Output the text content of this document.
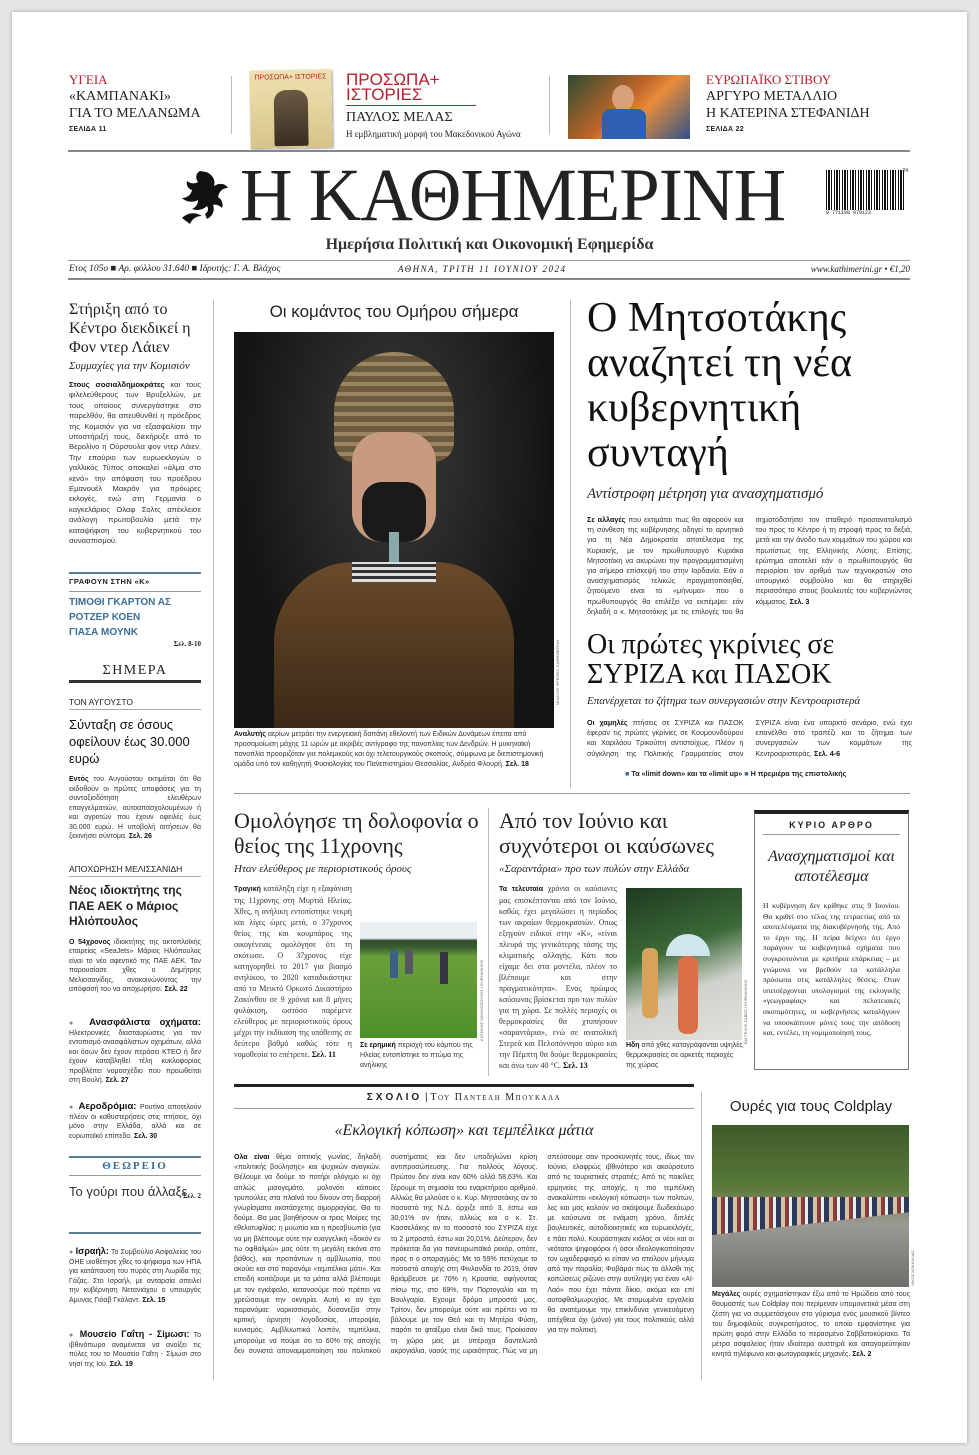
ΥΓΕΙΑ
«ΚΑΜΠΑΝΑΚΙ»
ΓΙΑ ΤΟ ΜΕΛΑΝΩΜΑ
ΣΕΛΙΔΑ 11
ΠΡΟΣΩΠΑ+ ΙΣΤΟΡΙΕΣ ΠΡΟΣΩΠΑ+ ΙΣΤΟΡΙΕΣ
ΠΑΥΛΟΣ ΜΕΛΑΣ
Η εμβληματική μορφή του Μακεδονικού Αγώνα
ΕΥΡΩΠΑΪΚΟ ΣΤΙΒΟΥ
ΑΡΓΥΡΟ ΜΕΤΑΛΛΙΟ
Η ΚΑΤΕΡΙΝΑ ΣΤΕΦΑΝΙΔΗ
ΣΕΛΙΔΑ 22
Η ΚΑΘΗΜΕΡΙΝΗ	9 771108 979123
24
Ημερήσια Πολιτική και Οικονομική Εφημερίδα
Ετος 105ο ■ Αρ. φύλλου 31.640 ■ Ιδρυτής: Γ. Α. Βλάχος	ΑΘΗΝΑ, ΤΡΙΤΗ 11 ΙΟΥΝΙΟΥ 2024	www.kathimerini.gr • €1,20
Στήριξη από το Κέντρο διεκδικεί η Φον ντερ Λάιεν
Συμμαχίες για την Κομισιόν
Στους σοσιαλδημοκράτες και τους φιλελεύθερους των Βρυξελλών, με τους οποίους συνεργάστηκε στο παρελθόν, θα απευθυνθεί η πρόεδρος της Κομισιόν για να εξασφαλίσει την υποστήριξή τους, διεκήρυξε από το Βερολίνο η Ούρσουλα φον ντερ Λάιεν. Την επαύριο των ευρωεκλογών ο γαλλικός Τύπος αποκαλεί «άλμα στο κενό» την απόφαση του προέδρου Εμανουέλ Μακρόν για πρόωρες εκλογές, ενώ στη Γερμανία ο καγκελάριος Ολαφ Σολτς απέκλεισε ανάλογη πρωτοβουλία μετά την καταψήφιση του κυβερνητικού του συνασπισμού.
ΓΡΑΦΟΥΝ ΣΤΗΝ «Κ»
ΤΙΜΟΘΙ ΓΚΑΡΤΟΝ ΑΣ
ΡΟΤΖΕΡ ΚΟΕΝ
ΓΙΑΣΑ ΜΟΥΝΚ
Σελ. 8-10
ΣΗΜΕΡΑ
ΤΟΝ ΑΥΓΟΥΣΤΟ
Σύνταξη σε όσους οφείλουν έως 30.000 ευρώ
Εντός του Αυγούστου εκτιμάται ότι θα εκδοθούν οι πρώτες αποφάσεις για τη συνταξιοδότηση ελευθέρων επαγγελματιών, αυτοαπασχολουμένων ή και αγροτών που έχουν οφειλές έως 30.000 ευρώ. Η υποβολή αιτήσεων θα ξεκινήσει σύντομα. Σελ. 26
ΑΠΟΧΩΡΗΣΗ ΜΕΛΙΣΣΑΝΙΔΗ
Νέος ιδιοκτήτης της ΠΑΕ ΑΕΚ ο Μάριος Ηλιόπουλος
Ο 54χρονος ιδιοκτήτης της ακτοπλοϊκής εταιρείας «SeaJets» Μάριος Ηλιόπουλος είναι το νέο αφεντικό της ΠΑΕ ΑΕΚ. Τον παρουσίασε χθες ο Δημήτρης Μελισσανίδης, ανακοινώνοντας την απόφασή του να αποχωρήσει. Σελ. 22
● Ανασφάλιστα οχήματα: Ηλεκτρονικές διασταυρώσεις για τον εντοπισμό ανασφάλιστων οχημάτων, αλλά και όσων δεν έχουν περάσει ΚΤΕΟ ή δεν έχουν καταβληθεί τέλη κυκλοφορίας προβλέπει νομοσχέδιο που προωθείται στη Βουλή. Σελ. 27
● Αεροδρόμια: Ρουτίνα αποτελούν πλέον οι καθυστερήσεις στις πτήσεις, όχι μόνο στην Ελλάδα, αλλά και σε ευρωπαϊκό επίπεδο. Σελ. 30
ΘΕΩΡΕΙΟ
Το γούρι που άλλαξε
Σελ. 2
● Ισραήλ: Το Συμβούλιο Ασφαλείας του ΟΗΕ υιοθέτησε χθες το ψήφισμα των ΗΠΑ για κατάπαυση του πυρός στη Λωρίδα της Γάζας. Στο Ισραήλ, με ανταρσία απειλεί την κυβέρνηση Νετανιάχου ο υπουργός Αμυνας Γιόαβ Γκάλαντ. Σελ. 15
● Μουσείο Γαΐτη - Σίμωσι: Το ιβθινόπωρο αναμένεται να ανοίξει τις πύλες του το Μουσείο Γαΐτη - Σίμωσι στο νησί της Ιου. Σελ. 19
Οι κομάντος του Ομήρου σήμερα
ΜΙΧΑΛΗΣ ΦΡΕΙΡΑΣ, ΚΑΘΗΜΕΡΙΝΗ
Αναλυτής αερίων μετράει την ενεργειακή δαπάνη εθελοντή των Ειδικών Δυνάμεων έπειτα από προσομοίωση μάχης 11 ωρών με ακριβές αντίγραφο της πανοπλίας των Δενδρών. Η μυκηναϊκή πανοπλία προοριζόταν για πολεμικούς και όχι τελετουργικούς σκοπούς, σύμφωνα με διεπιστημονική ομάδα υπό τον καθηγητή Φυσιολογίας του Πανεπιστημίου Θεσσαλίας, Ανδρέα Φλουρή. Σελ. 18
Ο Μητσοτάκης αναζητεί τη νέα κυβερνητική συνταγή
Αντίστροφη μέτρηση για ανασχηματισμό
Σε αλλαγές που εκτιμάται πως θα αφορούν και τη σύνθεση της κυβέρνησης οδηγεί το αρνητικό για τη Νέα Δημοκρατία αποτέλεσμα της Κυριακής, με τον πρωθυπουργό Κυριάκο Μητσοτάκη να ακυρώνει την προγραμματισμένη για σήμερα επίσκεψή του στην Ιορδανία. Εάν ο ανασχηματισμός τελικώς πραγματοποιηθεί, ζητούμενο είναι το «μήνυμα» που ο πρωθυπουργός θα επιλέξει να εκπέμψει: εάν δηλαδή ο κ. Μητσοτάκης με τις επιλογές του θα σηματοδοτήσει τον σταθερό προσανατολισμό του προς το Κέντρο ή τη στροφή προς τα δεξιά, μετά και την άνοδο των κομμάτων του χώρου και πρωτίστως της Ελληνικής Λύσης. Επίσης, ερώτημα αποτελεί εάν ο πρωθυπουργός θα περιορίσει τον αριθμό των τεχνοκρατών στο υπουργικό συμβούλιο και θα στηριχθεί περισσότερο στους βουλευτές του κυβερνώντος κόμματος. Σελ. 3
Οι πρώτες γκρίνιες σε ΣΥΡΙΖΑ και ΠΑΣΟΚ
Επανέρχεται το ζήτημα των συνεργασιών στην Κεντροαριστερά
Οι χαμηλές πτήσεις σε ΣΥΡΙΖΑ και ΠΑΣΟΚ έφεραν τις πρώτες γκρίνιες σε Κουμουνδούρου και Χαριλάου Τρικούπη αντιστοίχως. Πλέον η σύγκληση της Πολιτικής Γραμματείας στον ΣΥΡΙΖΑ είναι ένα υπαρκτό σενάριο, ενώ έχει επανέλθει στο τραπέζι και το ζήτημα των συνεργασιών των κομμάτων της Κεντροαριστεράς. Σελ. 4-6
■ Τα «limit down» και τα «limit up» ■ Η πρεμιέρα της επιστολικής
Ομολόγησε τη δολοφονία ο θείος της 11χρονης
Ηταν ελεύθερος με περιοριστικούς όρους
Τραγική κατάληξη είχε η εξαφάνιση της 11χρονης στη Μυρτιά Ηλείας. Χθες, η ανήλικη εντοπίστηκε νεκρή και λίγες ώρες μετά, ο 37χρονος θείος της και κουμπάρος της οικογένειας ομολόγησε ότι τη σκότωσε. Ο 37χρονος είχε κατηγορηθεί το 2017 για βιασμό ανηλίκου, το 2020 καταδικάστηκε από το Μεικτό Ορκωτό Δικαστήριο Ζακύνθου σε 9 χρόνια και 8 μήνες φυλάκιση, ωστόσο παρέμενε ελεύθερος με περιοριστικούς όρους μέχρι την εκδίκαση της υπόθεσης σε δεύτερο βαθμό καθώς τότε η νομοθεσία το επέτρεπε. Σελ. 11
ΑΝΤΩΝΗΣ ΝΙΚΟΛΟΠΟΥΛΟΣ / EUROKINISSI
Σε ερημική περιοχή του κάμπου της Ηλείας εντοπίστηκε το πτώμα της ανήλικης
Από τον Ιούνιο και συχνότεροι οι καύσωνες
«Σαραντάρια» προ των πυλών στην Ελλάδα
Τα τελευταία χρόνια οι καύσωνες μας επισκέπτονται από τον Ιούνιο, καθώς έχει μεγαλώσει η περίοδος των ακραίων θερμοκρασιών. Οπως εξηγούν ειδικοί στην «Κ», «είναι πλευρά της γενικότερης τάσης της κλιματικής αλλαγής. Κάτι που είχαμε δει στα μοντέλα, πλέον το βλέπουμε και στην πραγματικότητα». Ενας πρώιμος καύσωνας βρίσκεται προ των πυλών για τη χώρα. Σε πολλές περιοχές οι θερμοκρασίες θα χτυπήσουν «σαραντάρια», ενώ σε ανατολική Στερεά και Πελοπόννησο αύριο και την Πέμπτη θα δούμε θερμοκρασίες και άνω των 40 °C. Σελ. 13
ΒΑΓΓΕΛΗΣ ΖΑΒΟΣ / EUROKINISSI
Ηδη από χθες καταγράφονται υψηλές θερμοκρασίες σε αρκετές περιοχές της χώρας
ΚΥΡΙΟ ΑΡΘΡΟ
Ανασχηματισμοί και αποτέλεσμα
Η κυβέρνηση δεν κρίθηκε στις 9 Ιουνίου. Θα κριθεί στο τέλος της τετραετίας από τα αποτελέσματα της διακυβέρνησής της. Από το έργο της. Η πείρα δείχνει ότι έργο παράγουν τα κυβερνητικά σχήματα που συγκροτούνται με κριτήρια επάρκειας – με γνώμονα να βρεθούν τα κατάλληλα πρόσωπα στις κατάλληλες θέσεις. Οταν υπεισέρχονται υπολογισμοί της εκλογικής «γεωγραφίας» και πελατειακές σκοπιμότητες, οι κυβερνήσεις καταλήγουν να υποσκάπτουν μόνες τους την απόδοση και, εντέλει, τη νομιμοποίησή τους.
ΣΧΟΛΙΟ | Του Παντελη Μπουκαλα
«Εκλογική κόπωση» και τεμπέλικα μάτια
Ολα είναι θέμα οπτικής γωνίας, δηλαδή «πολιτικής βούλησης» και ψυχικών αναγκών. Θέλουμε να δούμε το ποτήρι ολόγεμο κι όχι απλώς μισογεμάτο, μολονότι κάποιες τρυπούλες στα πλαϊνά του δίνουν στη διαρροή γνωρίσματα ακατάσχετης αιμορραγίας. Θα το δούμε. Θα μας βοηθήσουν οι τρεις Μοίρες της εθελοτυφλίας: η μυωπία και η πρεσβυωπία (για να μη βλέπουμε ούτε την ευαγγελική «δοκόν εν τω οφθαλμώ» μας ούτε τη μεγάλη εικόνα στο βάθος), και προπάντων η αμβλυωπία, που ακούει και στο παρανόμι «τεμπέλικο μάτι». Και επειδή κοιτάζουμε με τα μάτια αλλά βλέπουμε με τον εγκέφαλο, κατανοούμε πού πρέπει να χρεώσουμε την οκνηρία. Αυτή κι αν έχει παρανόμια: ναρκισσισμός, δυσανεξία στην κριτική, άρνηση λογοδοσίας, υπεροψία, κυνισμός. Αμβλυωπικά λοιπόν, τεμπέλικα, μπορούμε να πούμε ότι το 60% της αποχής δεν συνιστά αποναμιμοποίηση του πολιτικού συστήματος και δεν υποδηλώνει κρίση αντιπροσώπευσης. Για πολλούς λόγους. Πρώτον δεν είναι καν 60% αλλά 58,63%. Και ξέρουμε τη σημασία του εναρκτήριου αριθμού. Αλλιώς θα μιλούσε ο κ. Κυρ. Μητσοτάκης αν το ποσοστό της Ν.Δ. άρχιζε από 3, έστω και 30,01% αν ήταν, αλλιώς και ο κ. Στ. Κασσελάκης αν το ποσοστό του ΣΥΡΙΖΑ είχε το 2 μπροστά, έστω και 20,01%. Δεύτερον, δεν πρόκειται δα για πανευρωπαϊκό ρεκόρ, οπότε, προς τι ο σπαραγμός; Με το 59% πετύχαμε το ποσοστό αποχής στη Φινλανδία το 2019, όταν θριάμβευσε με 70% η Κροατία, αφήνοντας πίσω της, στο 69%, την Πορτογαλία και τη Βουλγαρία. Εχουμε δρόμο μπροστά μας. Τρίτον, δεν μπορούμε ούτε και πρέπει να τα βάλουμε με τον Θεό και τη Μητέρα Φύση, παρότι το φταίξιμο είναι δικό τους. Προίκισαν τη χώρα μας με υπέροχα δαντελωτά ακρογιάλια, ναούς της ωραιότητας. Πώς να μη σπεύσουμε σαν προσκυνητές τους, ιδίως τον Ιούνιο, ελαφρώς ιβθινότερο και ακούρσευτο από τις τουριστικές στρατιές; Από τις ποικίλες ερμηνείες της αποχής, η πιο τεμπέλικη ανακαλύπτει «εκλογική κόπωση» των πολιτών, λες και μας καλούν να σκάψουμε δωδεκάωρο με καύσωνα σε ενάμιση χρόνο, διπλές βουλευτικές, αυτοδιοικητικές και ευρωεκλογές, ε πάει πολύ. Κουράστηκαν κιόλας οι νέοι και οι νεότατοι ψηφοφόροι ή όσοι ιδεολογικοποίησαν τον ωχαδερφισμό κι είπαν να στείλουν μήνυμα από την παραλία; Φοβάμαι πως το άλλοθι της κοπώσεως ριζώνει στην αντίληψη για έναν «Αϊ-Λαό» που έχει πάντα δίκιο, ακόμα και επί αυτοφθαλμωρυχίας. Με στομωμένα εργαλεία θα ανατέμουμε την επικίνδυνα γενικευόμενη απέχθεια όχι (μόνο) για τους πολιτικούς αλλά για την πολιτική.
Ουρές για τους Coldplay
ΝΙΚΟΣ ΚΟΚΚΑΛΙΑΣ
Μεγάλες ουρές σχηματίστηκαν έξω από το Ηρώδειο από τους θαυμαστές των Coldplay που περίμεναν υπομονετικά μέσα στη ζέστη για να συμμετάσχουν στο γύρισμα ενός μουσικού βίντεο του δημοφιλούς συγκροτήματος, το οποίο εμφανίστηκε για πρώτη φορά στην Ελλάδα το περασμένο Σαββατοκύριακο. Τα μέτρα ασφαλείας ήταν ιδιαίτερα αυστηρά και απαγορεύτηκαν κινητά τηλέφωνα και φωτογραφικές μηχανές. Σελ. 2
